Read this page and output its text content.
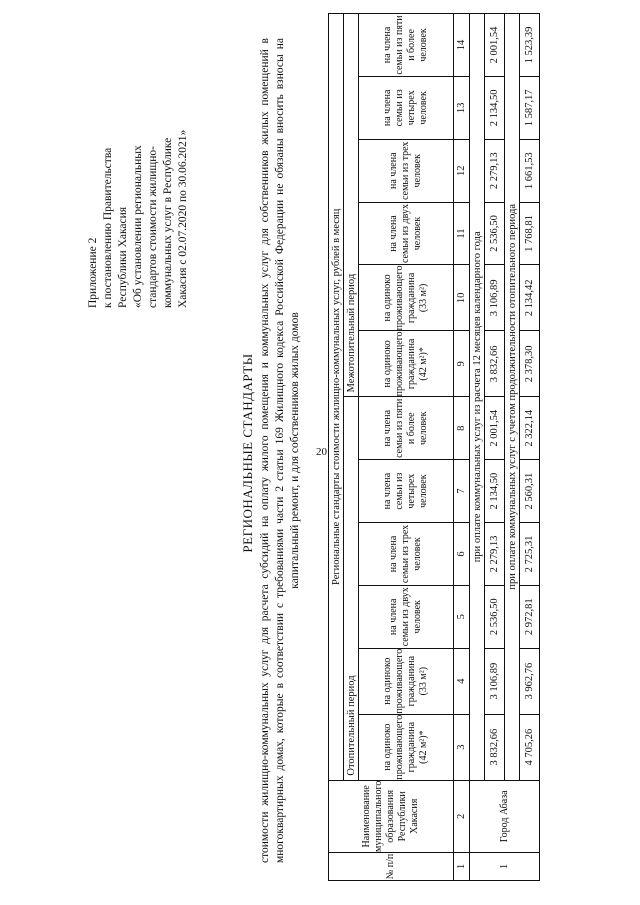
20
Приложение 2 к постановлению Правительства Республики Хакасия «Об установлении региональных стандартов стоимости жилищно- коммунальных услуг в Республике Хакасия с 02.07.2020 по 30.06.2021»
РЕГИОНАЛЬНЫЕ СТАНДАРТЫ стоимости жилищно-коммунальных услуг для расчета субсидий на оплату жилого помещения и коммунальных услуг для собственников жилых помещений в многоквартирных домах, которые в соответствии с требованиями части 2 статьи 169 Жилищного кодекса Российской Федерации не обязаны вносить взносы на капитальный ремонт, и для собственников жилых домов
№ п/п	Наименование муниципального образования Республики Хакасия	Региональные стандарты стоимости жилищно-коммунальных услуг, рублей в месяц											
		Отопительный период						Межотопительный период					
		на одиноко проживающего гражданина (42 м²)*	на одиноко проживающего гражданина (33 м²)	на члена семьи из двух человек	на члена семьи из трех человек	на члена семьи из четырех человек	на члена семьи из пяти и более человек	на одиноко проживающего гражданина (42 м²)*	на одиноко проживающего гражданина (33 м²)	на члена семьи из двух человек	на члена семьи из трех человек	на члена семьи из четырех человек	на члена семьи из пяти и более человек
1	2	3	4	5	6	7	8	9	10	11	12	13	14
1	Город Абаза	при оплате коммунальных услуг из расчета 12 месяцев календарного года											
		3 832,66	3 106,89	2 536,50	2 279,13	2 134,50	2 001,54	3 832,66	3 106,89	2 536,50	2 279,13	2 134,50	2 001,54
		при оплате коммунальных услуг с учетом продолжительности отопительного периода											
		4 705,26	3 962,76	2 972,81	2 725,31	2 560,31	2 322,14	2 378,30	2 134,42	1 768,81	1 661,53	1 587,17	1 523,39
